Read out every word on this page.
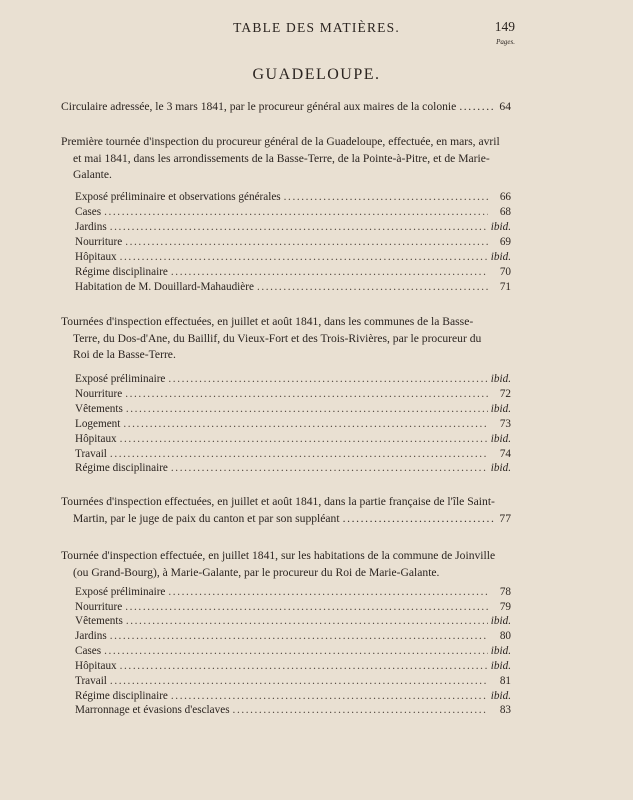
TABLE DES MATIÈRES.	149
Pages.
GUADELOUPE.
Circulaire adressée, le 3 mars 1841, par le procureur général aux maires de la colonie .....	64
Première tournée d'inspection du procureur général de la Guadeloupe, effectuée, en mars, avril
et mai 1841, dans les arrondissements de la Basse-Terre, de la Pointe-à-Pitre, et de Marie-
Galante.
Exposé préliminaire et observations générales .....	66
Cases .....	68
Jardins .....	ibid.
Nourriture .....	69
Hôpitaux .....	ibid.
Régime disciplinaire .....	70
Habitation de M. Douillard-Mahaudière .....	71
Tournées d'inspection effectuées, en juillet et août 1841, dans les communes de la Basse-
Terre, du Dos-d'Ane, du Baillif, du Vieux-Fort et des Trois-Rivières, par le procureur du
Roi de la Basse-Terre.
Exposé préliminaire .....	ibid.
Nourriture .....	72
Vêtements .....	ibid.
Logement .....	73
Hôpitaux .....	ibid.
Travail .....	74
Régime disciplinaire .....	ibid.
Tournées d'inspection effectuées, en juillet et août 1841, dans la partie française de l'île Saint-
Martin, par le juge de paix du canton et par son suppléant .....	77
Tournée d'inspection effectuée, en juillet 1841, sur les habitations de la commune de Joinville
(ou Grand-Bourg), à Marie-Galante, par le procureur du Roi de Marie-Galante.
Exposé préliminaire .....	78
Nourriture .....	79
Vêtements .....	ibid.
Jardins .....	80
Cases .....	ibid.
Hôpitaux .....	ibid.
Travail .....	81
Régime disciplinaire .....	ibid.
Marronnage et évasions d'esclaves .....	83
